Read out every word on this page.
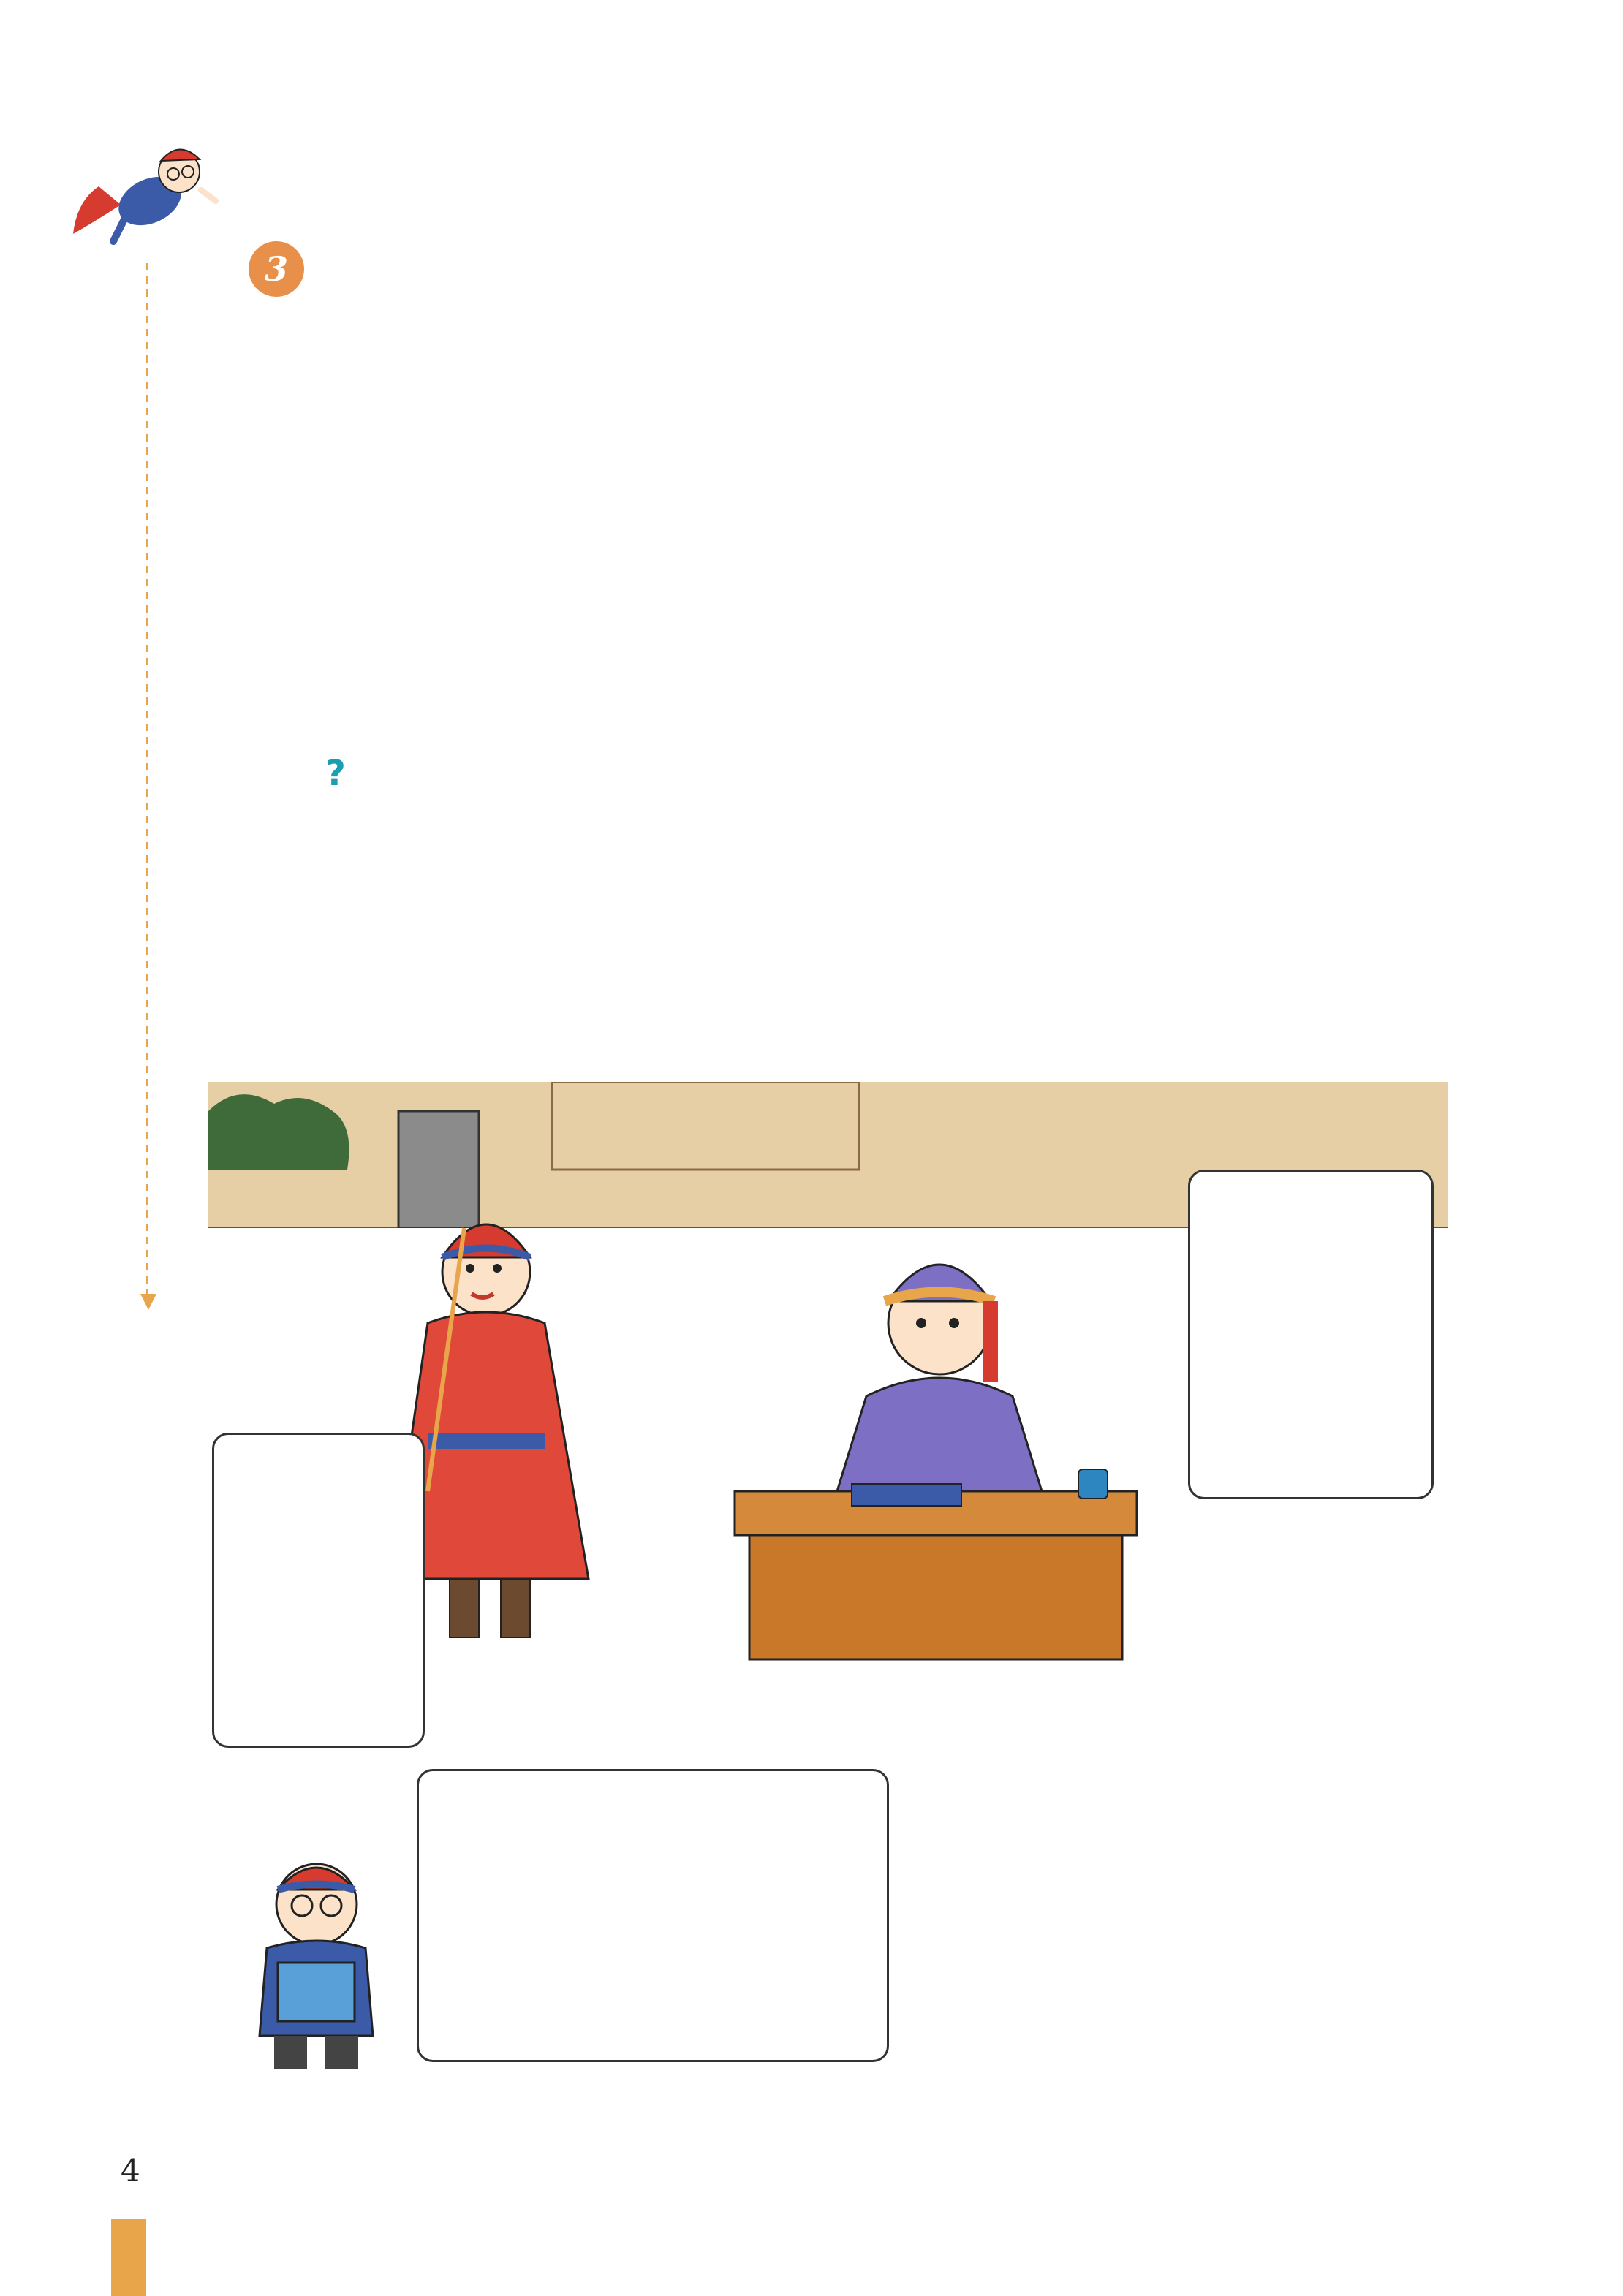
3
?
4
